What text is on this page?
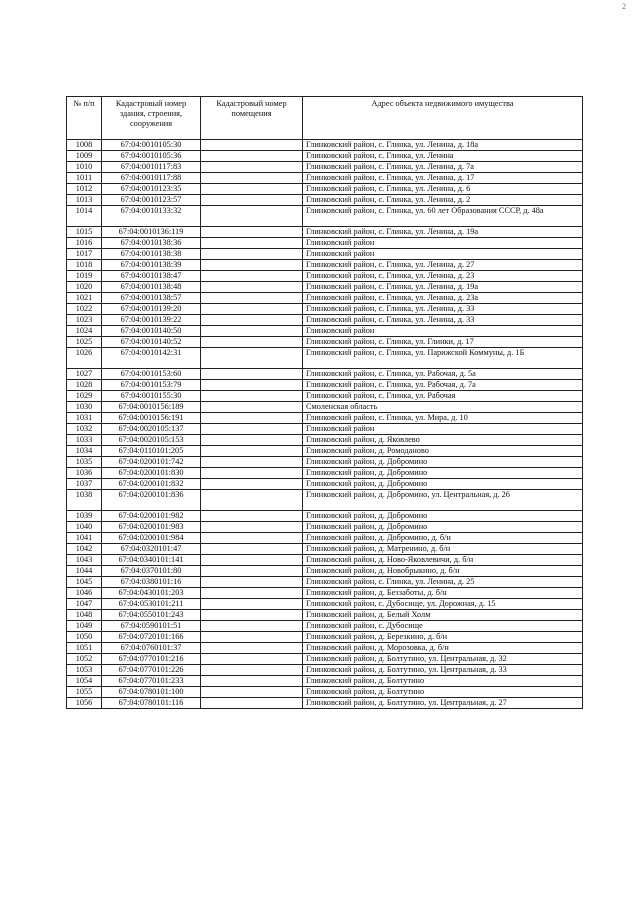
2
№ п/п	Кадастровый номер здания, строения, сооружения	Кадастровый номер помещения	Адрес объекта недвижимого имущества
1008	67:04:0010105:30		Глинковский район, с. Глинка, ул. Ленина, д. 18а
1009	67:04:0010105:36		Глинковский район, с. Глинка, ул. Ленина
1010	67:04:0010117:83		Глинковский район, с. Глинка, ул. Ленина, д. 7а
1011	67:04:0010117:88		Глинковский район, с. Глинка, ул. Ленина, д. 17
1012	67:04:0010123:35		Глинковский район, с. Глинка, ул. Ленина, д. 6
1013	67:04:0010123:57		Глинковский район, с. Глинка, ул. Ленина, д. 2
1014	67:04:0010133:32		Глинковский район, с. Глинка, ул. 60 лет Образования СССР, д. 48а
1015	67:04:0010136:119		Глинковский район, с. Глинка, ул. Ленина, д. 19а
1016	67:04:0010138:36		Глинковский район
1017	67:04:0010138:38		Глинковский район
1018	67:04:0010138:39		Глинковский район, с. Глинка, ул. Ленина, д. 27
1019	67:04:0010138:47		Глинковский район, с. Глинка, ул. Ленина, д. 23
1020	67:04:0010138:48		Глинковский район, с. Глинка, ул. Ленина, д. 19а
1021	67:04:0010138:57		Глинковский район, с. Глинка, ул. Ленина, д. 23а
1022	67:04:0010139:20		Глинковский район, с. Глинка, ул. Ленина, д. 33
1023	67:04:0010139:22		Глинковский район, с. Глинка, ул. Ленина, д. 33
1024	67:04:0010140:50		Глинковский район
1025	67:04:0010140:52		Глинковский район, с. Глинка, ул. Глинки, д. 17
1026	67:04:0010142:31		Глинковский район, с. Глинка, ул. Парижской Коммуны, д. 1Б
1027	67:04:0010153:60		Глинковский район, с. Глинка, ул. Рабочая, д. 5а
1028	67:04:0010153:79		Глинковский район, с. Глинка, ул. Рабочая, д. 7а
1029	67:04:0010155:30		Глинковский район, с. Глинка, ул. Рабочая
1030	67:04:0010156:189		Смоленская область
1031	67:04:0010156:191		Глинковский район, с. Глинка, ул. Мира, д. 10
1032	67:04:0020105:137		Глинковский район
1033	67:04:0020105:153		Глинковский район, д. Яковлево
1034	67:04:0110101:205		Глинковский район, д. Ромоданово
1035	67:04:0200101:742		Глинковский район, д. Добромино
1036	67:04:0200101:830		Глинковский район, д. Добромино
1037	67:04:0200101:832		Глинковский район, д. Добромино
1038	67:04:0200101:836		Глинковский район, д. Добромино, ул. Центральная, д. 26
1039	67:04:0200101:982		Глинковский район, д. Добромино
1040	67:04:0200101:983		Глинковский район, д. Добромино
1041	67:04:0200101:984		Глинковский район, д. Добромино, д. б/н
1042	67:04:0320101:47		Глинковский район, д. Матренино, д. б/н
1043	67:04:0340101:141		Глинковский район, д. Ново-Яковлевичи, д. б/н
1044	67:04:0370101:80		Глинковский район, д. Новобрыкино, д. б/н
1045	67:04:0380101:16		Глинковский район, с. Глинка, ул. Ленина, д. 25
1046	67:04:0430101:203		Глинковский район, д. Беззаботы, д. б/н
1047	67:04:0530101:211		Глинковский район, с. Дубосище, ул. Дорожная, д. 15
1048	67:04:0550101:243		Глинковский район, д. Белый Холм
1049	67:04:0590101:51		Глинковский район, с. Дубосище
1050	67:04:0720101:166		Глинковский район, д. Березкино, д. б/н
1051	67:04:0760101:37		Глинковский район, д. Морозовка, д. б/н
1052	67:04:0770101:216		Глинковский район, д. Болтутино, ул. Центральная, д. 32
1053	67:04:0770101:226		Глинковский район, д. Болтутино, ул. Центральная, д. 33
1054	67:04:0770101:233		Глинковский район, д. Болтутино
1055	67:04:0780101:100		Глинковский район, д. Болтутино
1056	67:04:0780101:116		Глинковский район, д. Болтутино, ул. Центральная, д. 27
